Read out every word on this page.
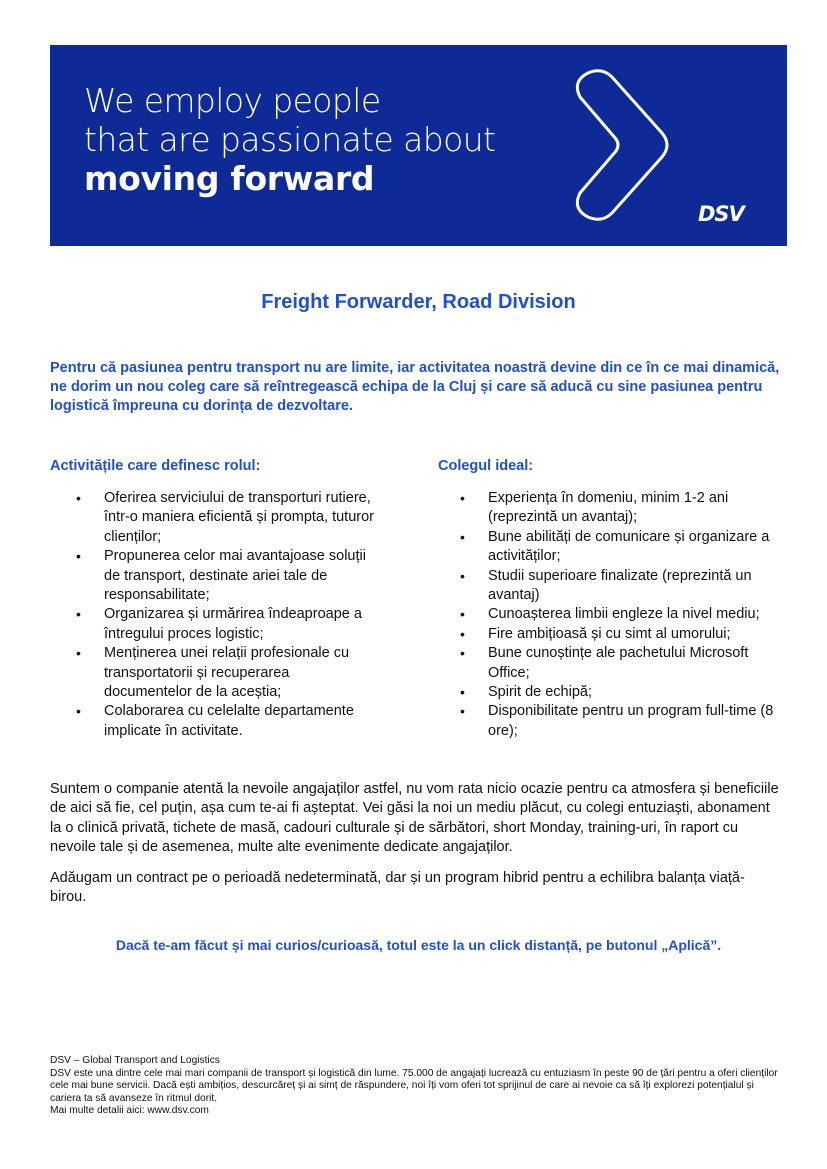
We employ people
that are passionate about
moving forward
DSV
Freight Forwarder, Road Division
Pentru că pasiunea pentru transport nu are limite, iar activitatea noastră devine din ce în ce mai dinamică, ne dorim un nou coleg care să reîntregească echipa de la Cluj și care să aducă cu sine pasiunea pentru logistică împreuna cu dorința de dezvoltare.
Activitățile care definesc rolul:	Colegul ideal:
• Oferirea serviciului de transporturi rutiere, într-o maniera eficientă și prompta, tuturor clienților;
• Propunerea celor mai avantajoase soluții de transport, destinate ariei tale de responsabilitate;
• Organizarea și urmărirea îndeaproape a întregului proces logistic;
• Menținerea unei relații profesionale cu transportatorii și recuperarea documentelor de la aceștia;
• Colaborarea cu celelalte departamente implicate în activitate.
• Experiența în domeniu, minim 1-2 ani (reprezintă un avantaj);
• Bune abilități de comunicare și organizare a activităților;
• Studii superioare finalizate (reprezintă un avantaj)
• Cunoașterea limbii engleze la nivel mediu;
• Fire ambițioasă și cu simt al umorului;
• Bune cunoștințe ale pachetului Microsoft Office;
• Spirit de echipă;
• Disponibilitate pentru un program full-time (8 ore);
Suntem o companie atentă la nevoile angajaților astfel, nu vom rata nicio ocazie pentru ca atmosfera și beneficiile de aici să fie, cel puțin, așa cum te-ai fi așteptat. Vei găsi la noi un mediu plăcut, cu colegi entuziaști, abonament la o clinică privată, tichete de masă, cadouri culturale și de sărbători, short Monday, training-uri, în raport cu nevoile tale și de asemenea, multe alte evenimente dedicate angajaților.
Adăugam un contract pe o perioadă nedeterminată, dar și un program hibrid pentru a echilibra balanța viață-birou.
Dacă te-am făcut și mai curios/curioasă, totul este la un click distanță, pe butonul „Aplică”.
DSV – Global Transport and Logistics
DSV este una dintre cele mai mari companii de transport și logistică din lume. 75.000 de angajați lucrează cu entuziasm în peste 90 de țări pentru a oferi clienților cele mai bune servicii. Dacă ești ambițios, descurcăreț și ai simț de răspundere, noi îți vom oferi tot sprijinul de care ai nevoie ca să îți explorezi potențialul și cariera ta să avanseze în ritmul dorit.
Mai multe detalii aici: www.dsv.com
